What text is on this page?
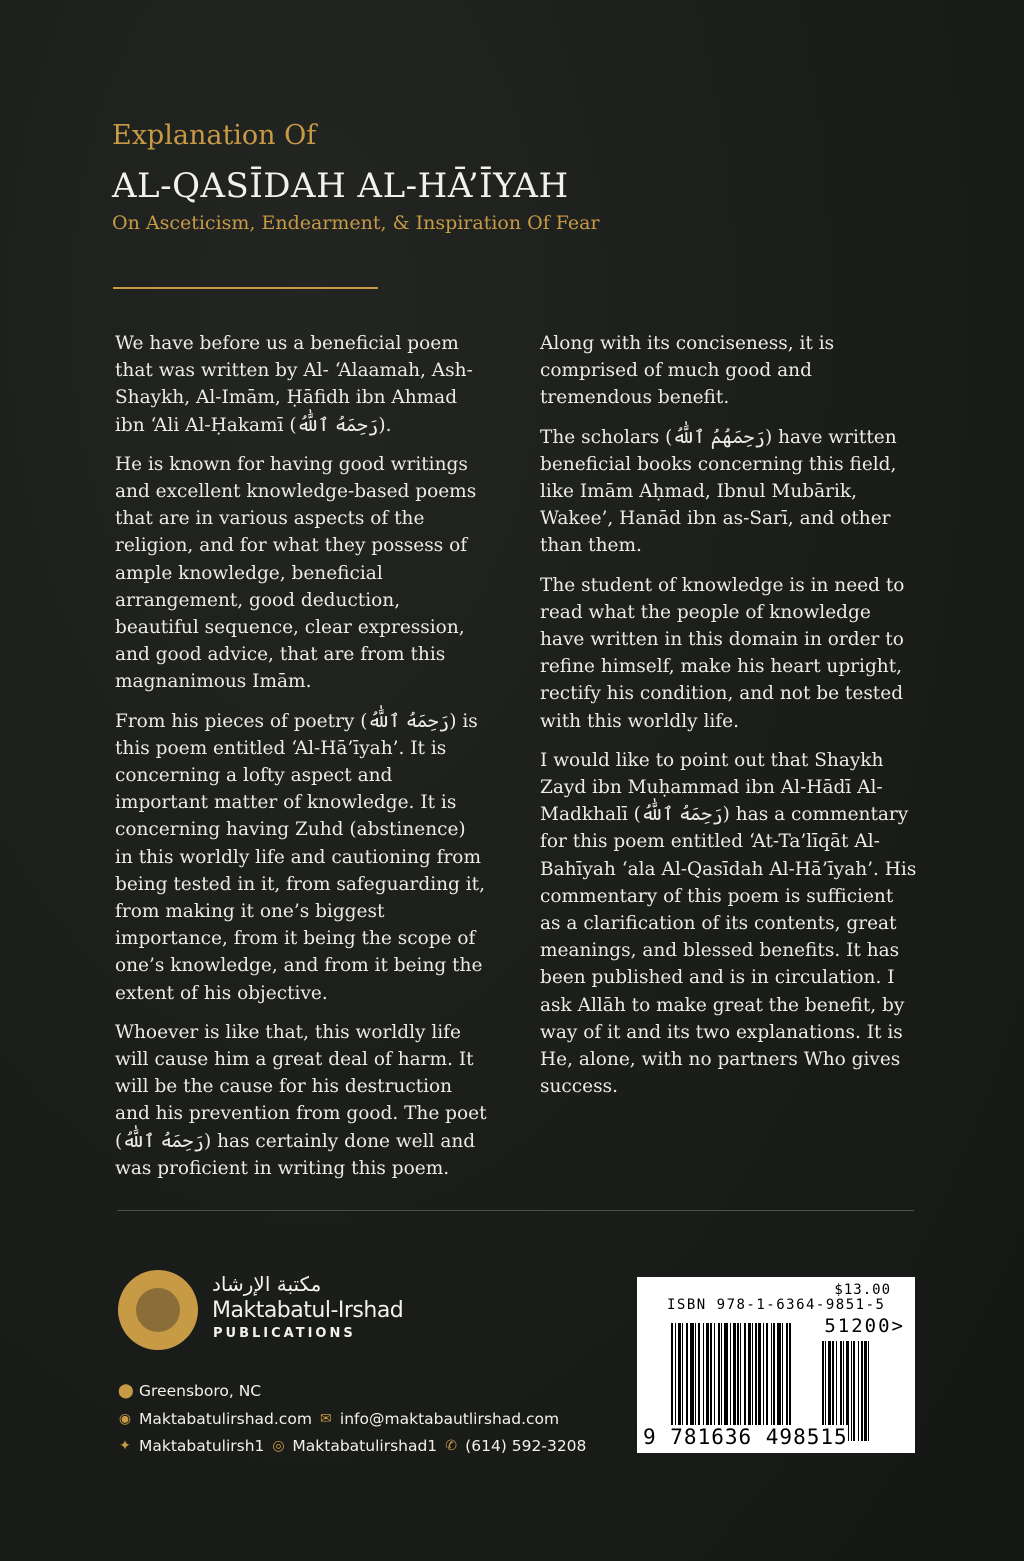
Explanation Of
AL-QASĪDAH AL-HĀ’ĪYAH
On Asceticism, Endearment, & Inspiration Of Fear

We have before us a beneficial poem that was written by Al- ‘Alaamah, Ash-Shaykh, Al-Imām, Ḥāfidh ibn Ahmad ibn ‘Ali Al-Ḥakamī (رَحِمَهُ ٱللَّٰهُ).

He is known for having good writings and excellent knowledge-based poems that are in various aspects of the religion, and for what they possess of ample knowledge, beneficial arrangement, good deduction, beautiful sequence, clear expression, and good advice, that are from this magnanimous Imām.

From his pieces of poetry (رَحِمَهُ ٱللَّٰهُ) is this poem entitled ‘Al-Hā’īyah’. It is concerning a lofty aspect and important matter of knowledge. It is concerning having Zuhd (abstinence) in this worldly life and cautioning from being tested in it, from safeguarding it, from making it one’s biggest importance, from it being the scope of one’s knowledge, and from it being the extent of his objective.

Whoever is like that, this worldly life will cause him a great deal of harm. It will be the cause for his destruction and his prevention from good. The poet (رَحِمَهُ ٱللَّٰهُ) has certainly done well and was proficient in writing this poem.

Along with its conciseness, it is comprised of much good and tremendous benefit.

The scholars (رَحِمَهُمُ ٱللَّٰهُ) have written beneficial books concerning this field, like Imām Aḥmad, Ibnul Mubārik, Wakee’, Hanād ibn as-Sarī, and other than them.

The student of knowledge is in need to read what the people of knowledge have written in this domain in order to refine himself, make his heart upright, rectify his condition, and not be tested with this worldly life.

I would like to point out that Shaykh Zayd ibn Muḥammad ibn Al-Hādī Al-Madkhalī (رَحِمَهُ ٱللَّٰهُ) has a commentary for this poem entitled ‘At-Ta’līqāt Al-Bahīyah ‘ala Al-Qasīdah Al-Hā’īyah’. His commentary of this poem is sufficient as a clarification of its contents, great meanings, and blessed benefits. It has been published and is in circulation. I ask Allāh to make great the benefit, by way of it and its two explanations. It is He, alone, with no partners Who gives success.

مكتبة الإرشاد
Maktabatul-Irshad
PUBLICATIONS
⬤ Greensboro, NC
◉ Maktabatulirshad.com ✉ info@maktabautlirshad.com
✦ Maktabatulirsh1 ◎ Maktabatulirshad1 ✆ (614) 592-3208
$13.00
ISBN 978-1-6364-9851-5
51200>
9 781636 498515
